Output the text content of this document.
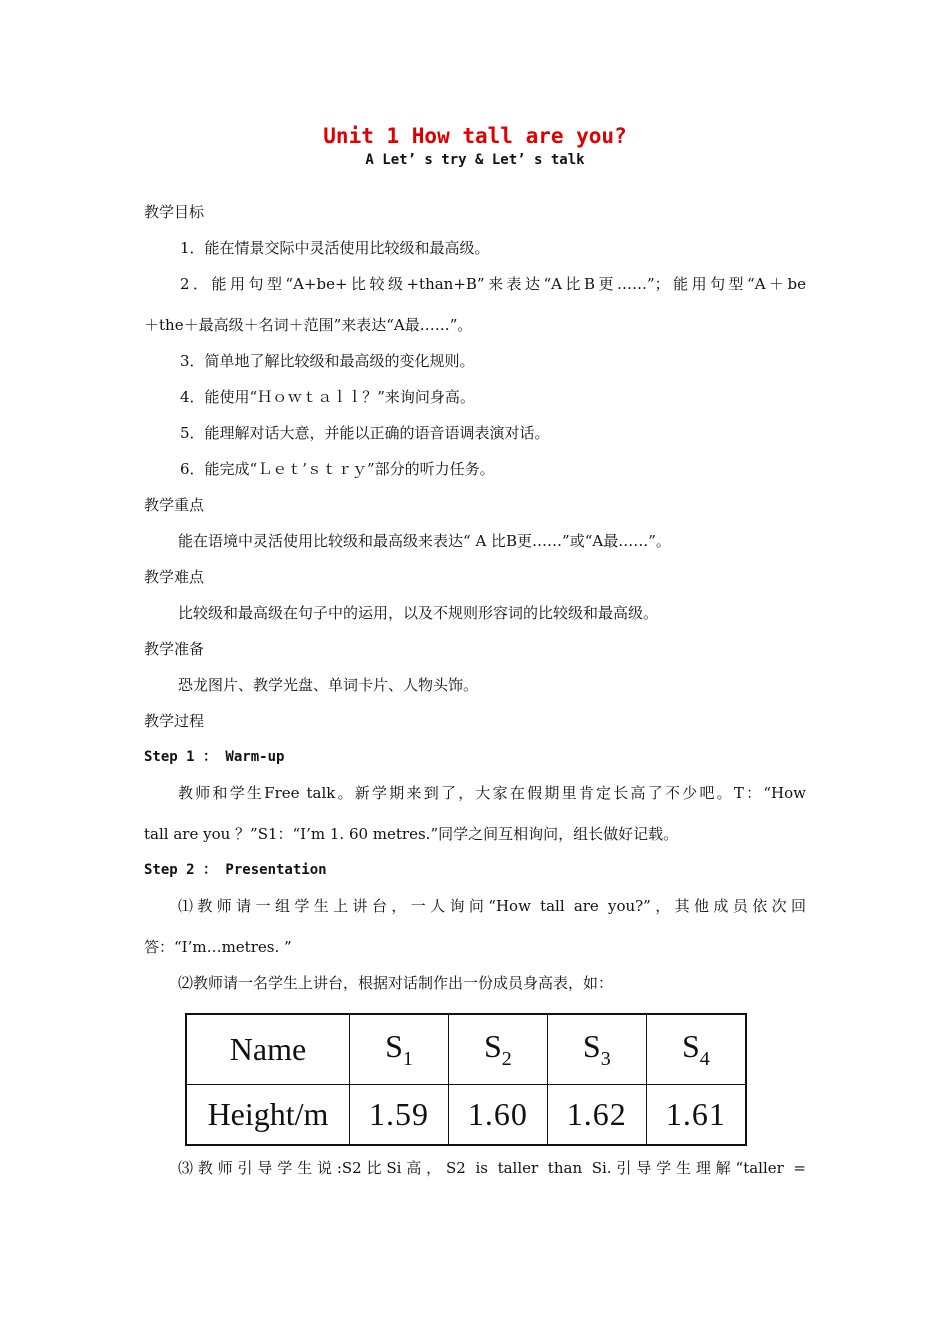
Unit 1 How tall are you?
A Let’ s try & Let’ s talk
教学目标
1．能在情景交际中灵活使用比较级和最高级。
2．能用句型“A+be+比较级+than+B”来表达“A比B更……”；能用句型“A＋be
＋the＋最高级＋名词＋范围”来表达“A最……”。
3．简单地了解比较级和最高级的变化规则。
4．能使用“Ｈｏｗｔａｌｌ？”来询问身高。
5．能理解对话大意，并能以正确的语音语调表演对话。
6．能完成“Ｌｅｔ’ｓｔｒｙ”部分的听力任务。
教学重点
能在语境中灵活使用比较级和最高级来表达“ A 比B更……”或“A最……”。
教学难点
比较级和最高级在句子中的运用，以及不规则形容词的比较级和最高级。
教学准备
恐龙图片、教学光盘、单词卡片、人物头饰。
教学过程
Step 1 ： Warm-up
教师和学生Free talk。新学期来到了，大家在假期里肯定长高了不少吧。T：“How
tall are you ？”S1：“I’m 1. 60 metres.”同学之间互相询问，组长做好记载。
Step 2 ： Presentation
⑴教师请一组学生上讲台，一人询问“How tall are you?”，其他成员依次回
答：“I’m…metres. ”
⑵教师请一名学生上讲台，根据对话制作出一份成员身高表，如：
Name	$S_1$	$S_2$	$S_3$	$S_4$
Height/m	1.59	1.60	1.62	1.61
⑶教师引导学生说:S2比Si高，S2 is taller than Si.引导学生理解“taller =
